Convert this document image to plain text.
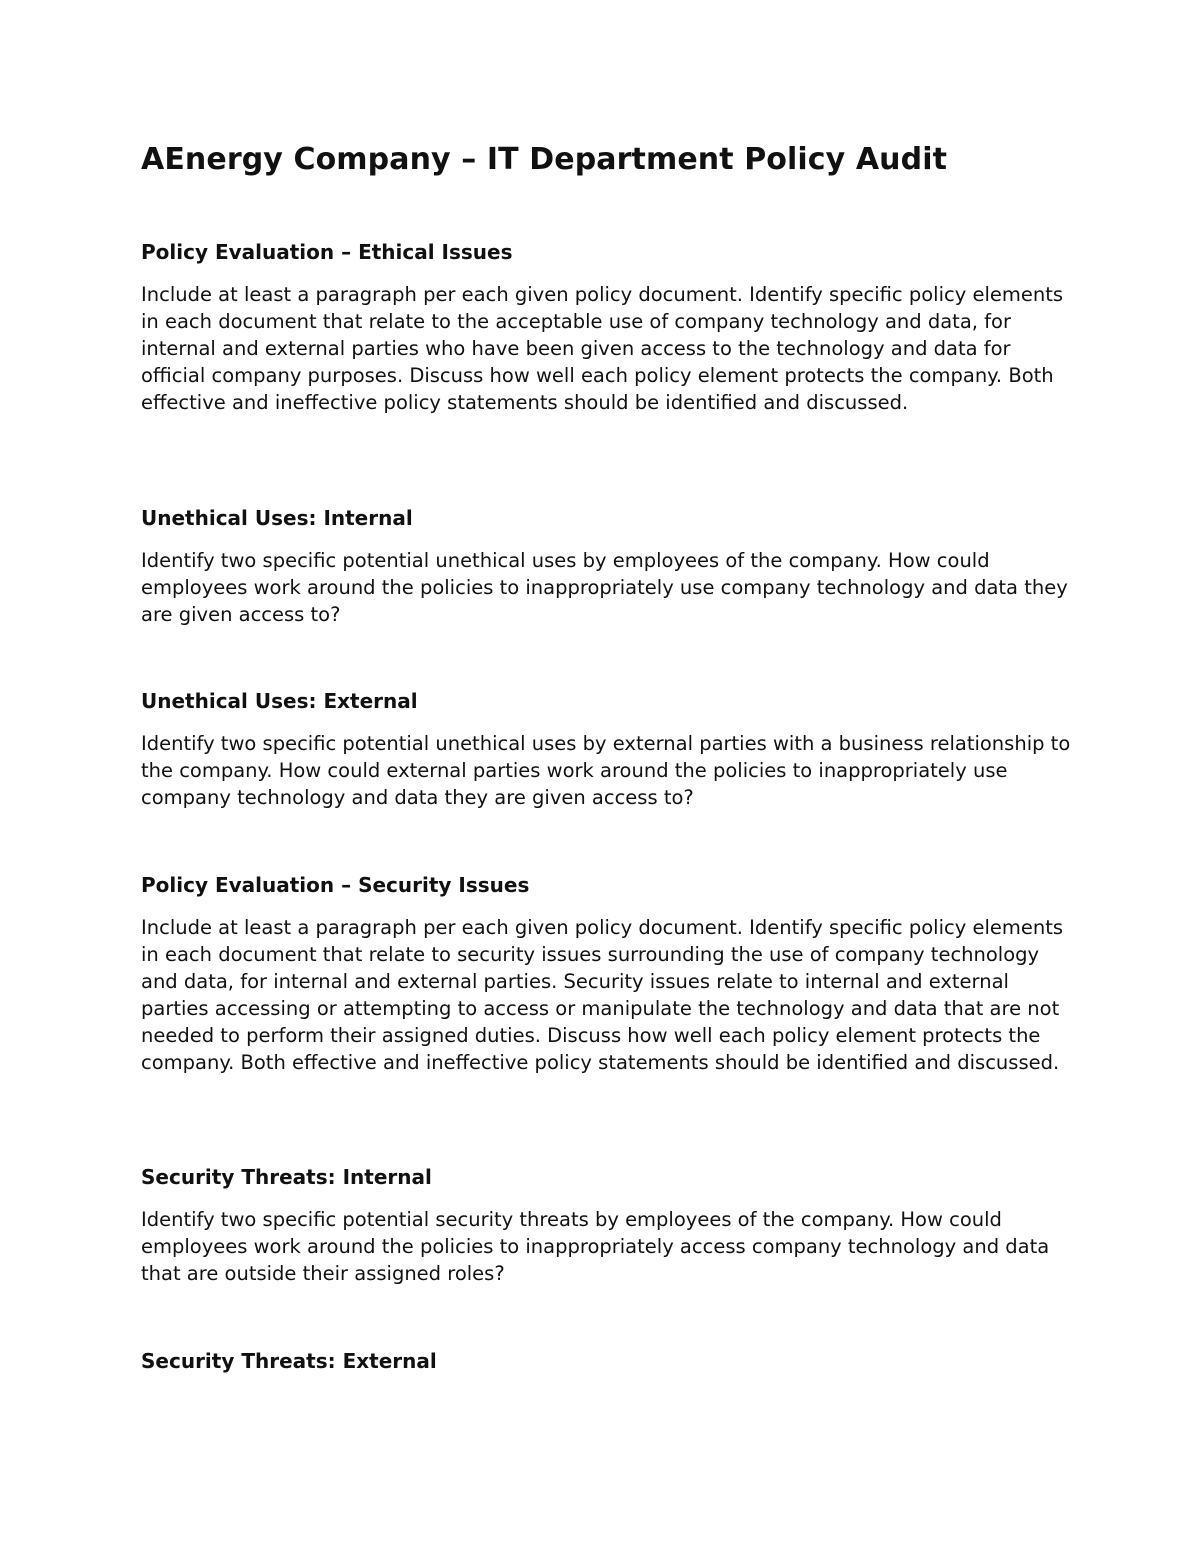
AEnergy Company – IT Department Policy Audit
Policy Evaluation – Ethical Issues

Include at least a paragraph per each given policy document. Identify specific policy elements in each document that relate to the acceptable use of company technology and data, for internal and external parties who have been given access to the technology and data for official company purposes. Discuss how well each policy element protects the company. Both effective and ineffective policy statements should be identified and discussed.

Unethical Uses: Internal

Identify two specific potential unethical uses by employees of the company. How could employees work around the policies to inappropriately use company technology and data they are given access to?

Unethical Uses: External

Identify two specific potential unethical uses by external parties with a business relationship to the company. How could external parties work around the policies to inappropriately use company technology and data they are given access to?

Policy Evaluation – Security Issues

Include at least a paragraph per each given policy document. Identify specific policy elements in each document that relate to security issues surrounding the use of company technology and data, for internal and external parties. Security issues relate to internal and external parties accessing or attempting to access or manipulate the technology and data that are not needed to perform their assigned duties. Discuss how well each policy element protects the company. Both effective and ineffective policy statements should be identified and discussed.

Security Threats: Internal

Identify two specific potential security threats by employees of the company. How could employees work around the policies to inappropriately access company technology and data that are outside their assigned roles?

Security Threats: External
